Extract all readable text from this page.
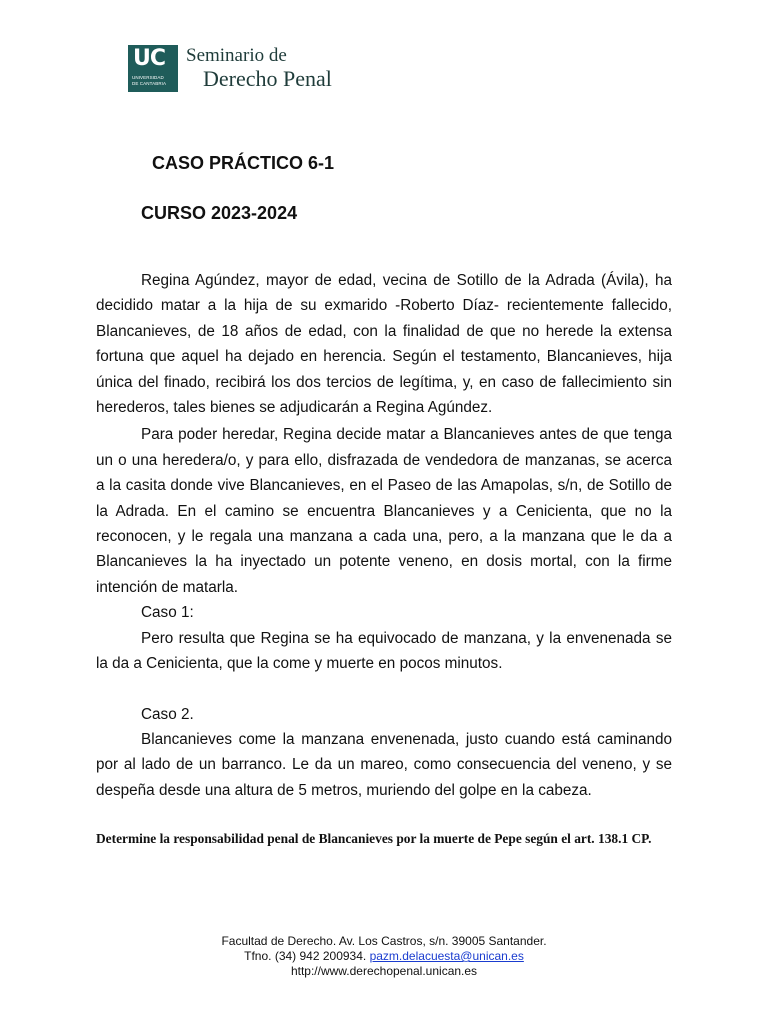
UC
UNIVERSIDAD
DE CANTABRIA
Seminario de
Derecho Penal
CASO PRÁCTICO 6-1
CURSO 2023-2024

Regina Agúndez, mayor de edad, vecina de Sotillo de la Adrada (Ávila), ha decidido matar a la hija de su exmarido -Roberto Díaz- recientemente fallecido, Blancanieves, de 18 años de edad, con la finalidad de que no herede la extensa fortuna que aquel ha dejado en herencia. Según el testamento, Blancanieves, hija única del finado, recibirá los dos tercios de legítima, y, en caso de fallecimiento sin herederos, tales bienes se adjudicarán a Regina Agúndez.

Para poder heredar, Regina decide matar a Blancanieves antes de que tenga un o una heredera/o, y para ello, disfrazada de vendedora de manzanas, se acerca a la casita donde vive Blancanieves, en el Paseo de las Amapolas, s/n, de Sotillo de la Adrada. En el camino se encuentra Blancanieves y a Cenicienta, que no la reconocen, y le regala una manzana a cada una, pero, a la manzana que le da a Blancanieves la ha inyectado un potente veneno, en dosis mortal, con la firme intención de matarla.

Caso 1:

Pero resulta que Regina se ha equivocado de manzana, y la envenenada se la da a Cenicienta, que la come y muerte en pocos minutos.

Caso 2.

Blancanieves come la manzana envenenada, justo cuando está caminando por al lado de un barranco. Le da un mareo, como consecuencia del veneno, y se despeña desde una altura de 5 metros, muriendo del golpe en la cabeza.

Determine la responsabilidad penal de Blancanieves por la muerte de Pepe según el art. 138.1 CP.
Facultad de Derecho. Av. Los Castros, s/n. 39005 Santander.
Tfno. (34) 942 200934. pazm.delacuesta@unican.es
http://www.derechopenal.unican.es
